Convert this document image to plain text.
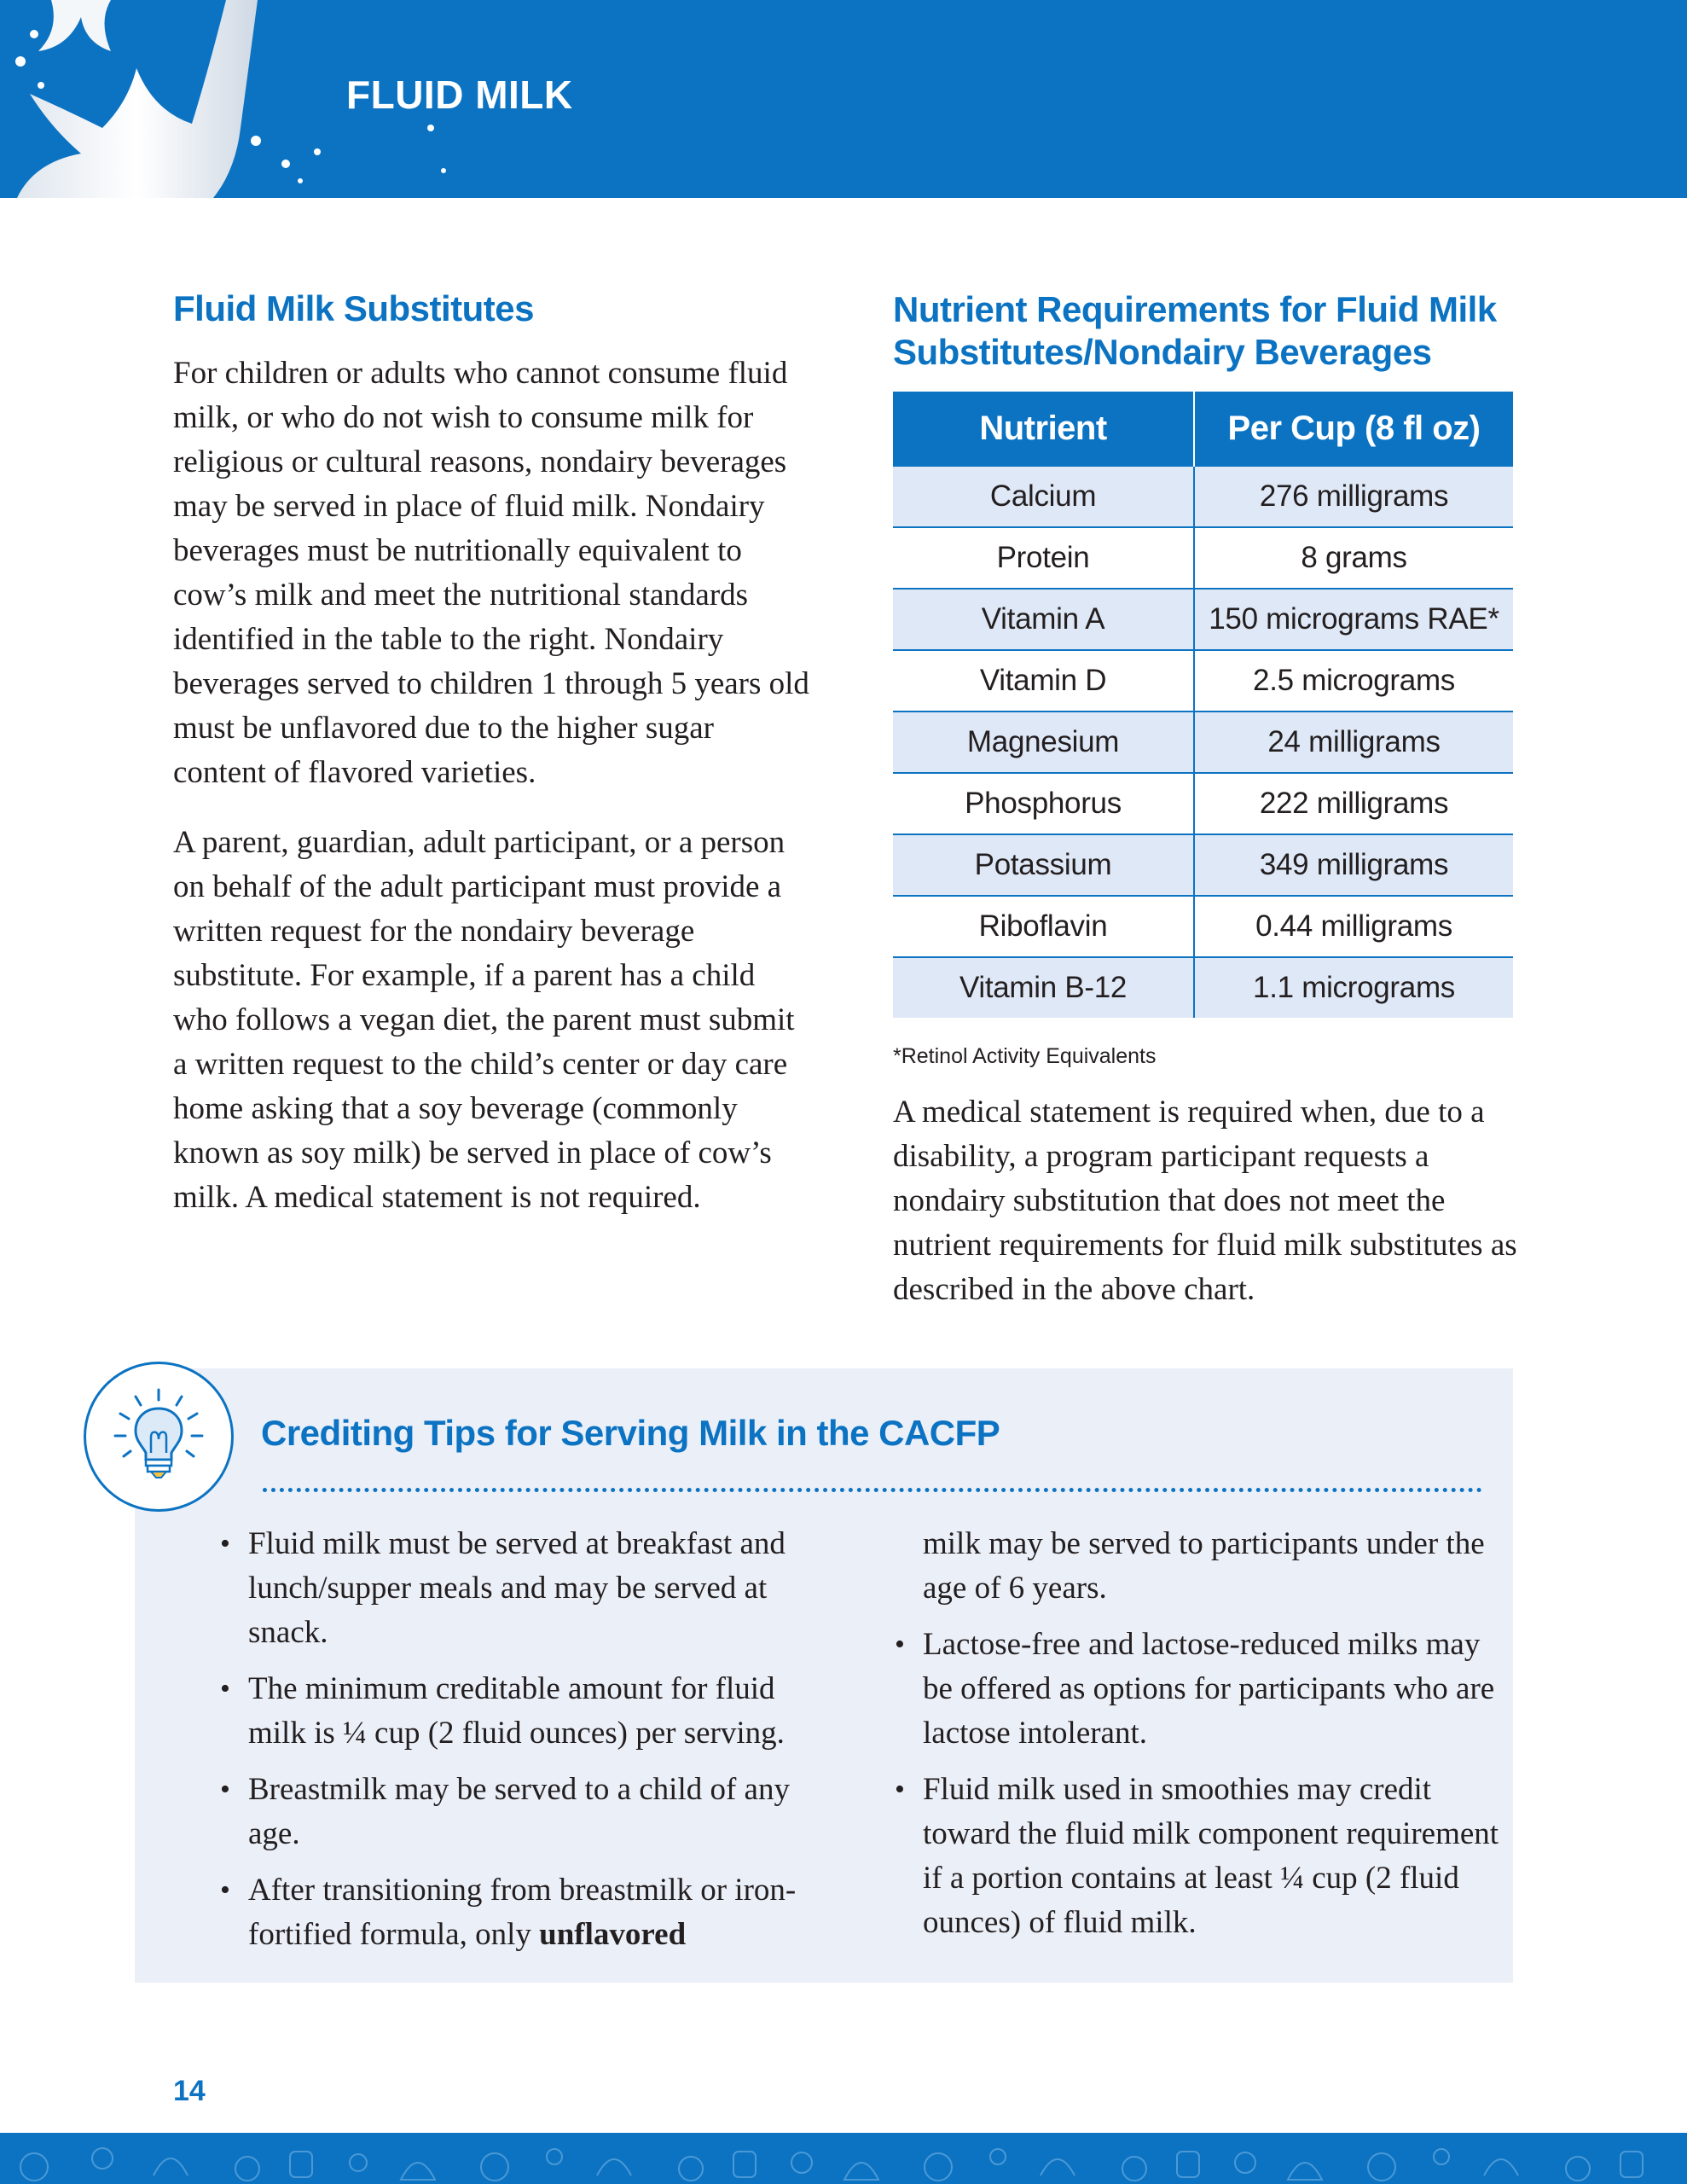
FLUID MILK
Fluid Milk Substitutes

For children or adults who cannot consume fluid milk, or who do not wish to consume milk for religious or cultural reasons, nondairy beverages may be served in place of fluid milk. Nondairy beverages must be nutritionally equivalent to cow’s milk and meet the nutritional standards identified in the table to the right. Nondairy beverages served to children 1 through 5 years old must be unflavored due to the higher sugar content of flavored varieties.

A parent, guardian, adult participant, or a person on behalf of the adult participant must provide a written request for the nondairy beverage substitute. For example, if a parent has a child who follows a vegan diet, the parent must submit a written request to the child’s center or day care home asking that a soy beverage (commonly known as soy milk) be served in place of cow’s milk. A medical statement is not required.

Nutrient Requirements for Fluid Milk
Substitutes/Nondairy Beverages
Nutrient	Per Cup (8 fl oz)
Calcium	276 milligrams
Protein	8 grams
Vitamin A	150 micrograms RAE*
Vitamin D	2.5 micrograms
Magnesium	24 milligrams
Phosphorus	222 milligrams
Potassium	349 milligrams
Riboflavin	0.44 milligrams
Vitamin B-12	1.1 micrograms
*Retinol Activity Equivalents

A medical statement is required when, due to a disability, a program participant requests a nondairy substitution that does not meet the nutrient requirements for fluid milk substitutes as described in the above chart.

Crediting Tips for Serving Milk in the CACFP
• Fluid milk must be served at breakfast and lunch/supper meals and may be served at snack.
• The minimum creditable amount for fluid milk is ¼ cup (2 fluid ounces) per serving.
• Breastmilk may be served to a child of any age.
• After transitioning from breastmilk or iron-fortified formula, only unflavored
milk may be served to participants under the age of 6 years.
• Lactose-free and lactose-reduced milks may be offered as options for participants who are lactose intolerant.
• Fluid milk used in smoothies may credit toward the fluid milk component requirement if a portion contains at least ¼ cup (2 fluid ounces) of fluid milk.
14
